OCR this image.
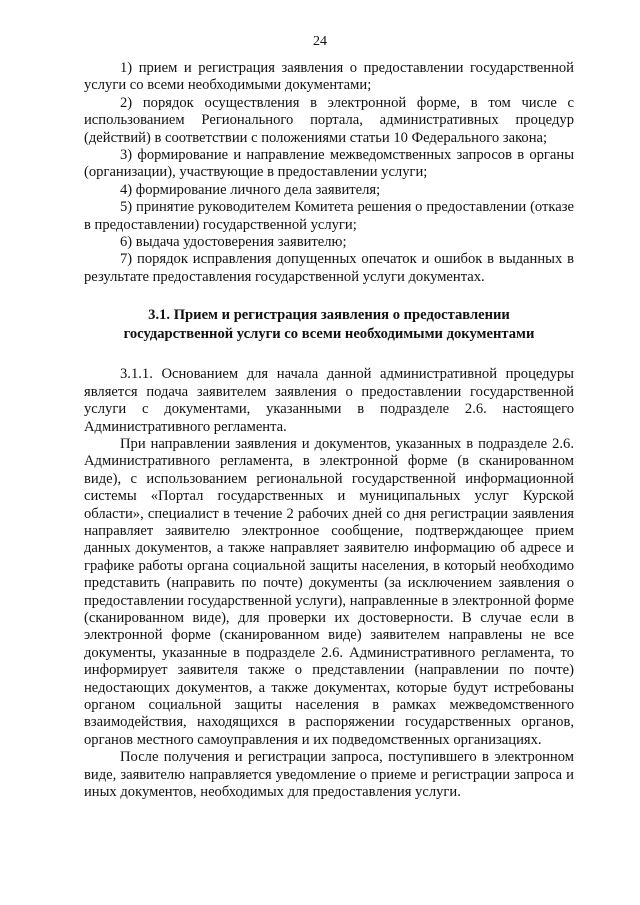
24

1) прием и регистрация заявления о предоставлении государственной услуги со всеми необходимыми документами;

2) порядок осуществления в электронной форме, в том числе с использованием Регионального портала, административных процедур (действий) в соответствии с положениями статьи 10 Федерального закона;

3) формирование и направление межведомственных запросов в органы (организации), участвующие в предоставлении услуги;

4) формирование личного дела заявителя;

5) принятие руководителем Комитета решения о предоставлении (отказе в предоставлении) государственной услуги;

6) выдача удостоверения заявителю;

7) порядок исправления допущенных опечаток и ошибок в выданных в результате предоставления государственной услуги документах.

3.1. Прием и регистрация заявления о предоставлении
государственной услуги со всеми необходимыми документами

3.1.1. Основанием для начала данной административной процедуры является подача заявителем заявления о предоставлении государственной услуги с документами, указанными в подразделе 2.6. настоящего Административного регламента.

При направлении заявления и документов, указанных в подразделе 2.6. Административного регламента, в электронной форме (в сканированном виде), с использованием региональной государственной информационной системы «Портал государственных и муниципальных услуг Курской области», специалист в течение 2 рабочих дней со дня регистрации заявления направляет заявителю электронное сообщение, подтверждающее прием данных документов, а также направляет заявителю информацию об адресе и графике работы органа социальной защиты населения, в который необходимо представить (направить по почте) документы (за исключением заявления о предоставлении государственной услуги), направленные в электронной форме (сканированном виде), для проверки их достоверности. В случае если в электронной форме (сканированном виде) заявителем направлены не все документы, указанные в подразделе 2.6. Административного регламента, то информирует заявителя также о представлении (направлении по почте) недостающих документов, а также документах, которые будут истребованы органом социальной защиты населения в рамках межведомственного взаимодействия, находящихся в распоряжении государственных органов, органов местного самоуправления и их подведомственных организациях.

После получения и регистрации запроса, поступившего в электронном виде, заявителю направляется уведомление о приеме и регистрации запроса и иных документов, необходимых для предоставления услуги.
